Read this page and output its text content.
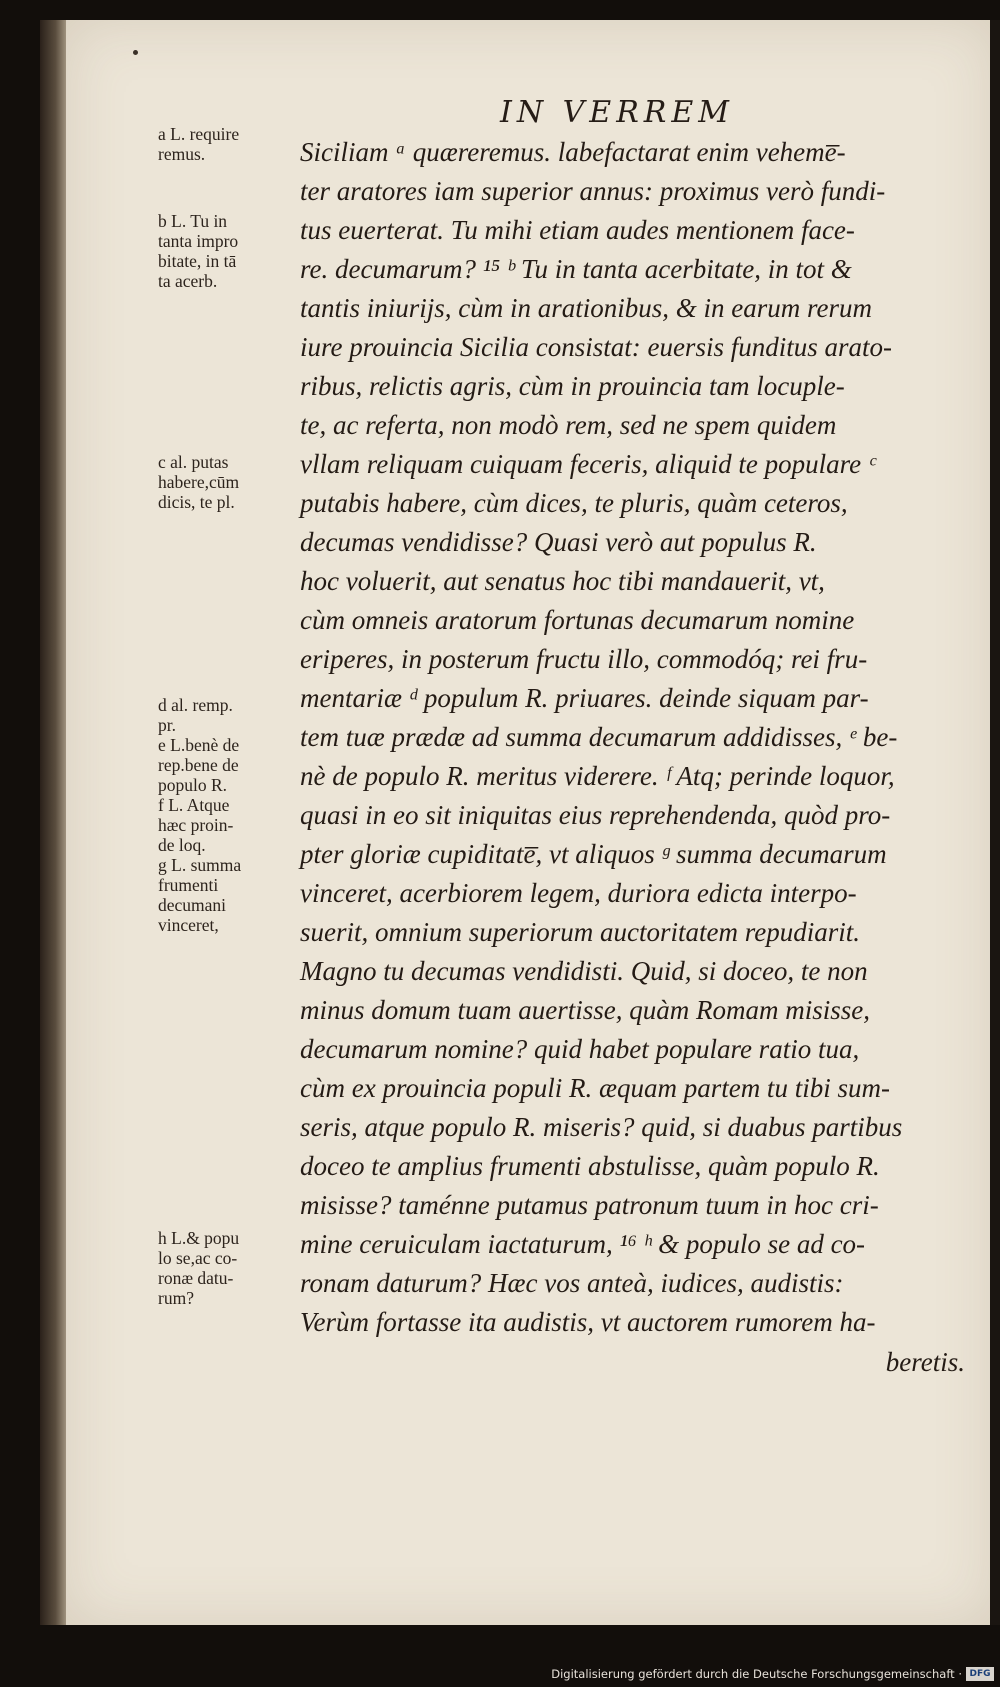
IN VERREM
a L. require
remus.
b L. Tu in
tanta impro
bitate, in tā
ta acerb.
c al. putas
habere,cūm
dicis, te pl.
d al. remp.
pr.
e L.benè de
rep.bene de
populo R.
f L. Atque
hæc proin-
de loq.
g L. summa
frumenti
decumani
vinceret,
h L.& popu
lo se,ac co-
ronæ datu-
rum?
Siciliam ᵃ quæreremus. labefactarat enim veheme̅-
ter aratores iam superior annus: proximus verò fundi-
tus euerterat. Tu mihi etiam audes mentionem face-
re. decumarum? ¹⁵ ᵇ Tu in tanta acerbitate, in tot &
tantis iniurijs, cùm in arationibus, & in earum rerum
iure prouincia Sicilia consistat: euersis funditus arato-
ribus, relictis agris, cùm in prouincia tam locuple-
te, ac referta, non modò rem, sed ne spem quidem
vllam reliquam cuiquam feceris, aliquid te populare ᶜ
putabis habere, cùm dices, te pluris, quàm ceteros,
decumas vendidisse? Quasi verò aut populus R.
hoc voluerit, aut senatus hoc tibi mandauerit, vt,
cùm omneis aratorum fortunas decumarum nomine
eriperes, in posterum fructu illo, commodóq; rei fru-
mentariæ ᵈ populum R. priuares. deinde siquam par-
tem tuæ prædæ ad summa decumarum addidisses, ᵉ be-
nè de populo R. meritus viderere. ᶠ Atq; perinde loquor,
quasi in eo sit iniquitas eius reprehendenda, quòd pro-
pter gloriæ cupiditate̅, vt aliquos ᵍ summa decumarum
vinceret, acerbiorem legem, duriora edicta interpo-
suerit, omnium superiorum auctoritatem repudiarit.
Magno tu decumas vendidisti. Quid, si doceo, te non
minus domum tuam auertisse, quàm Romam misisse,
decumarum nomine? quid habet populare ratio tua,
cùm ex prouincia populi R. æquam partem tu tibi sum-
seris, atque populo R. miseris? quid, si duabus partibus
doceo te amplius frumenti abstulisse, quàm populo R.
misisse? taménne putamus patronum tuum in hoc cri-
mine ceruiculam iactaturum, ¹⁶ ʰ & populo se ad co-
ronam daturum? Hæc vos anteà, iudices, audistis:
Verùm fortasse ita audistis, vt auctorem rumorem ha-
beretis.
Digitalisierung gefördert durch die Deutsche Forschungsgemeinschaft · DFG
